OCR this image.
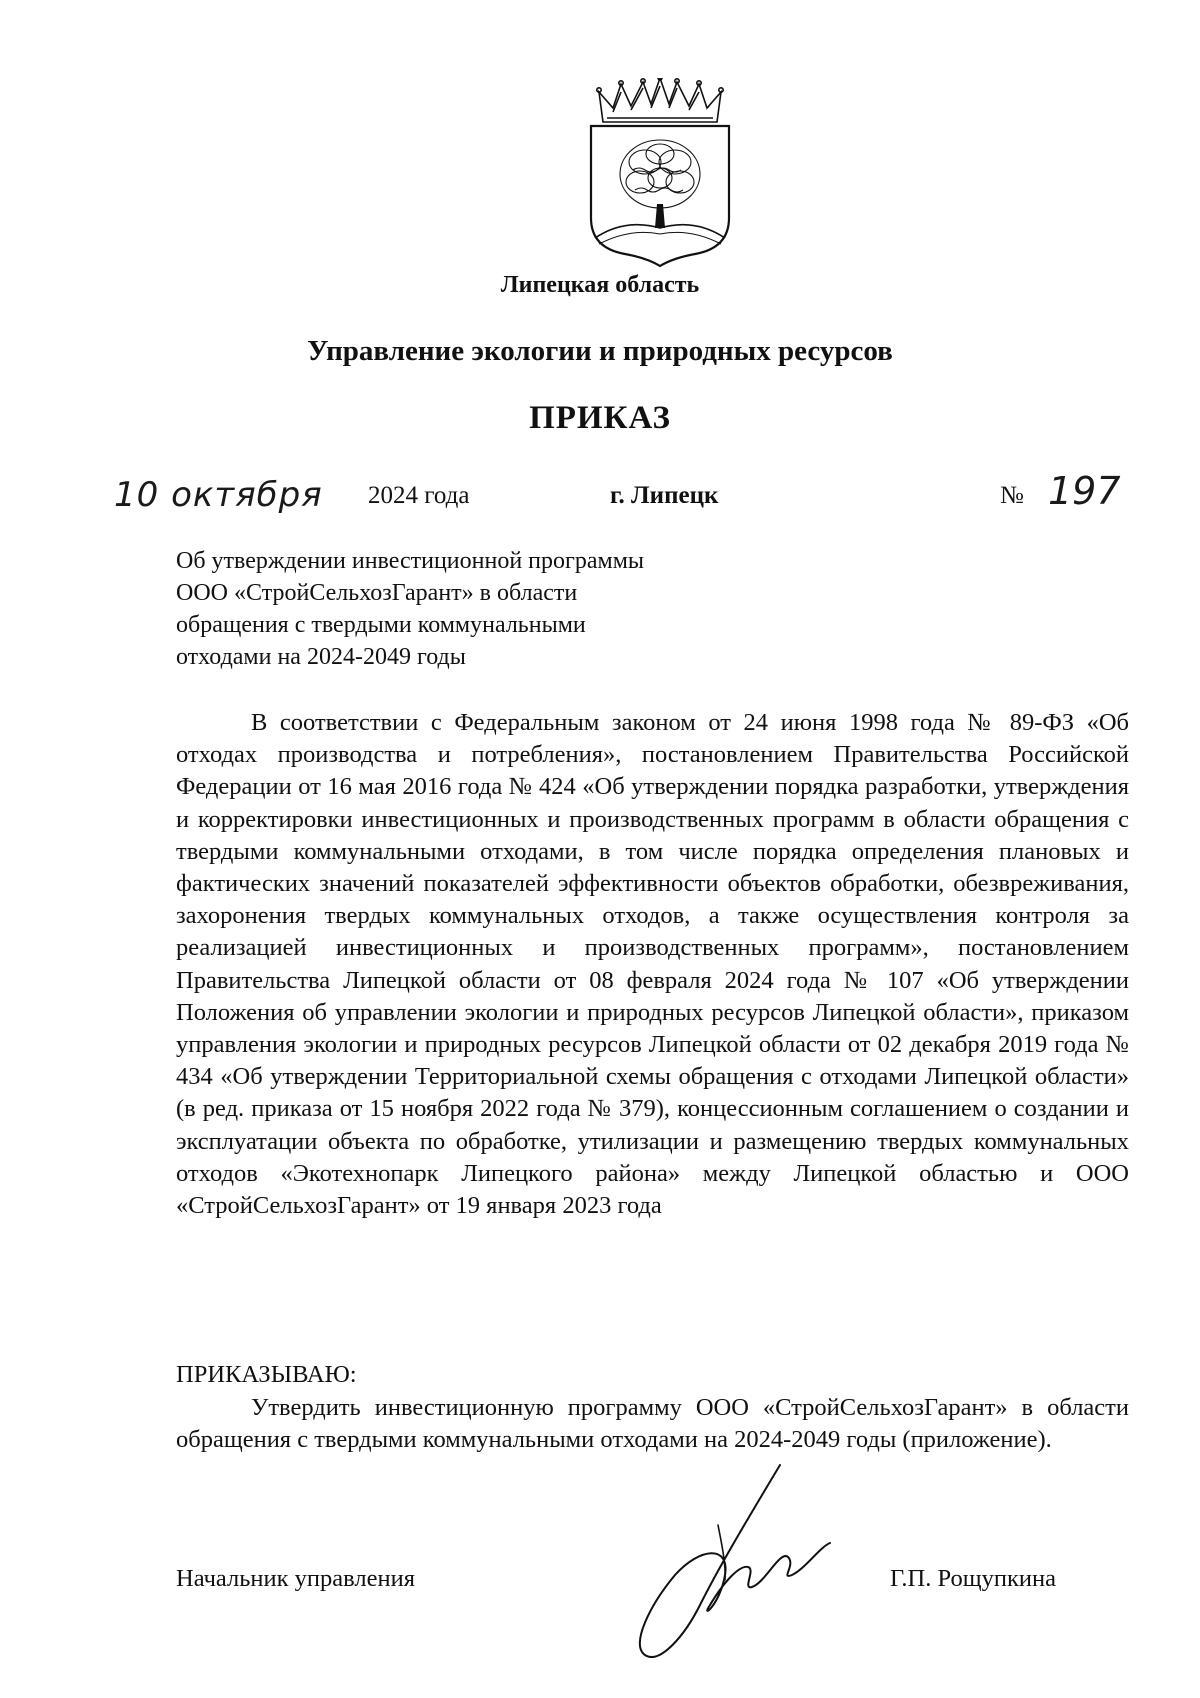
Липецкая область
Управление экологии и природных ресурсов
ПРИКАЗ
10 октября 2024 года	г. Липецк	№ 197
Об утверждении инвестиционной программы
ООО «СтройСельхозГарант» в области
обращения с твердыми коммунальными
отходами на 2024-2049 годы

В соответствии с Федеральным законом от 24 июня 1998 года № 89-ФЗ «Об отходах производства и потребления», постановлением Правительства Российской Федерации от 16 мая 2016 года № 424 «Об утверждении порядка разработки, утверждения и корректировки инвестиционных и производственных программ в области обращения с твердыми коммунальными отходами, в том числе порядка определения плановых и фактических значений показателей эффективности объектов обработки, обезвреживания, захоронения твердых коммунальных отходов, а также осуществления контроля за реализацией инвестиционных и производственных программ», постановлением Правительства Липецкой области от 08 февраля 2024 года № 107 «Об утверждении Положения об управлении экологии и природных ресурсов Липецкой области», приказом управления экологии и природных ресурсов Липецкой области от 02 декабря 2019 года № 434 «Об утверждении Территориальной схемы обращения с отходами Липецкой области» (в ред. приказа от 15 ноября 2022 года № 379), концессионным соглашением о создании и эксплуатации объекта по обработке, утилизации и размещению твердых коммунальных отходов «Экотехнопарк Липецкого района» между Липецкой областью и ООО «СтройСельхозГарант» от 19 января 2023 года

ПРИКАЗЫВАЮ:

Утвердить инвестиционную программу ООО «СтройСельхозГарант» в области обращения с твердыми коммунальными отходами на 2024-2049 годы (приложение).

Начальник управления	Г.П. Рощупкина
